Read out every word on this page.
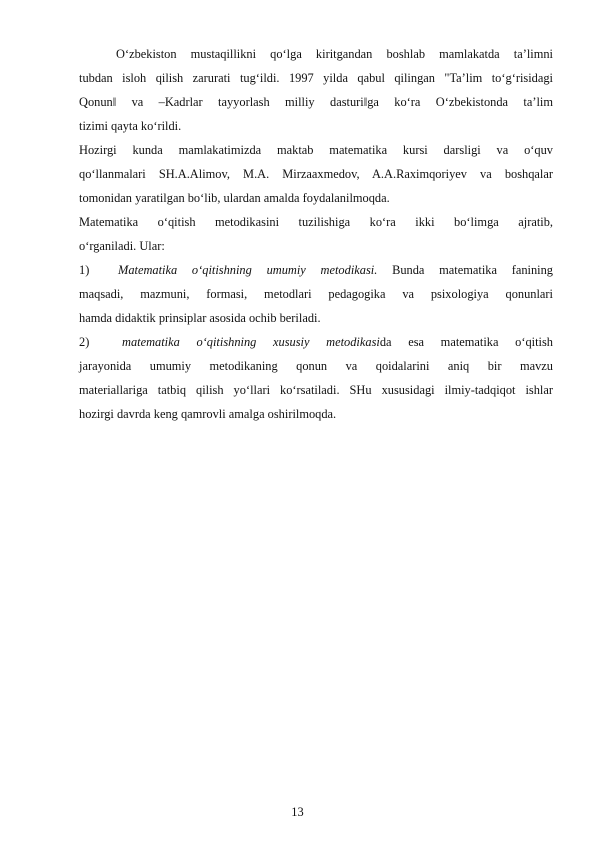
O‘zbekiston mustaqillikni qo‘lga kiritgandan boshlab mamlakatda ta’limni
tubdan isloh qilish zarurati tug‘ildi. 1997 yilda qabul qilingan "Ta’lim to‘g‘risidagi
Qonun‖ va –Kadrlar tayyorlash milliy dasturi‖ga ko‘ra O‘zbekistonda ta’lim
tizimi qayta ko‘rildi.
Hozirgi kunda mamlakatimizda maktab matematika kursi darsligi va o‘quv
qo‘llanmalari SH.A.Alimov, M.A. Mirzaaxmedov, A.A.Raximqoriyev va boshqalar
tomonidan yaratilgan bo‘lib, ulardan amalda foydalanilmoqda.
Matematika o‘qitish metodikasini tuzilishiga ko‘ra ikki bo‘limga ajratib,
o‘rganiladi. Ular:
1) Matematika o‘qitishning umumiy metodikasi. Bunda matematika fanining
maqsadi, mazmuni, formasi, metodlari pedagogika va psixologiya qonunlari
hamda didaktik prinsiplar asosida ochib beriladi.
2)	matematika o‘qitishning xususiy metodikasida esa matematika o‘qitish
jarayonida umumiy metodikaning qonun va qoidalarini aniq bir mavzu
materiallariga tatbiq qilish yo‘llari ko‘rsatiladi. SHu xususidagi ilmiy-tadqiqot ishlar
hozirgi davrda keng qamrovli amalga oshirilmoqda.
13
